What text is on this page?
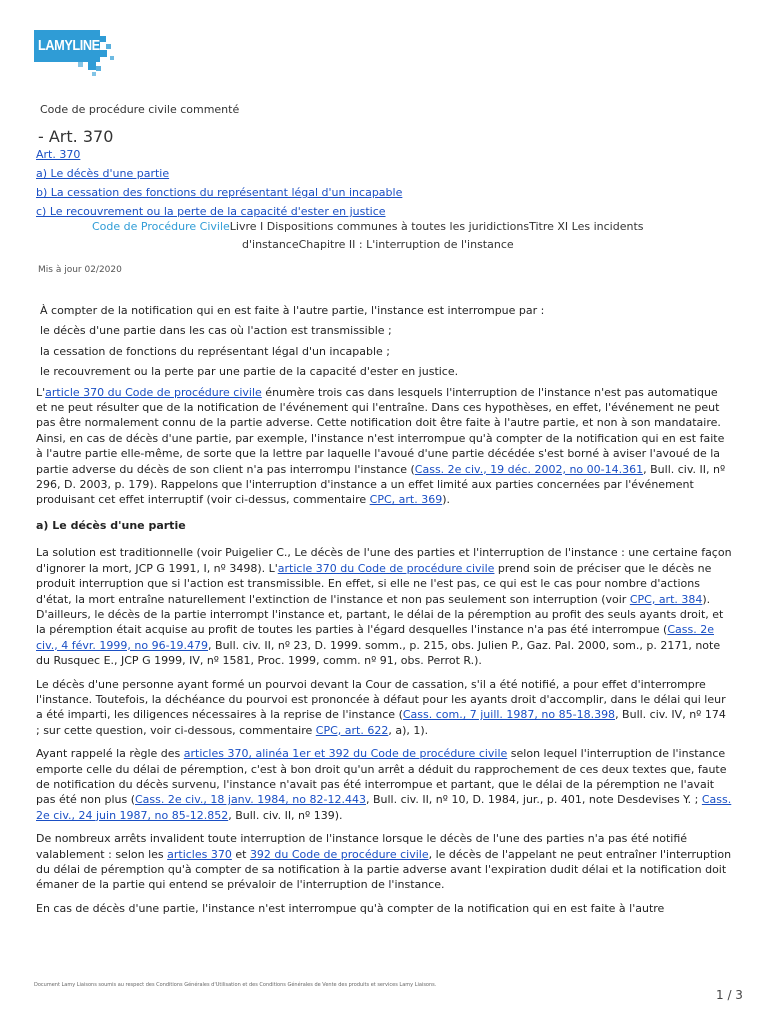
LAMYLINE
Code de procédure civile commenté
- Art. 370
Art. 370
a) Le décès d'une partie
b) La cessation des fonctions du représentant légal d'un incapable
c) Le recouvrement ou la perte de la capacité d'ester en justice
Code de Procédure CivileLivre I Dispositions communes à toutes les juridictionsTitre XI Les incidents
d'instanceChapitre II : L'interruption de l'instance
Mis à jour 02/2020

À compter de la notification qui en est faite à l'autre partie, l'instance est interrompue par :

le décès d'une partie dans les cas où l'action est transmissible ;

la cessation de fonctions du représentant légal d'un incapable ;

le recouvrement ou la perte par une partie de la capacité d'ester en justice.

L'article 370 du Code de procédure civile énumère trois cas dans lesquels l'interruption de l'instance n'est pas automatique et ne peut résulter que de la notification de l'événement qui l'entraîne. Dans ces hypothèses, en effet, l'événement ne peut pas être normalement connu de la partie adverse. Cette notification doit être faite à l'autre partie, et non à son mandataire. Ainsi, en cas de décès d'une partie, par exemple, l'instance n'est interrompue qu'à compter de la notification qui en est faite à l'autre partie elle-même, de sorte que la lettre par laquelle l'avoué d'une partie décédée s'est borné à aviser l'avoué de la partie adverse du décès de son client n'a pas interrompu l'instance (Cass. 2e civ., 19 déc. 2002, no 00-14.361, Bull. civ. II, nº 296, D. 2003, p. 179). Rappelons que l'interruption d'instance a un effet limité aux parties concernées par l'événement produisant cet effet interruptif (voir ci-dessus, commentaire CPC, art. 369).

a) Le décès d'une partie

La solution est traditionnelle (voir Puigelier C., Le décès de l'une des parties et l'interruption de l'instance : une certaine façon d'ignorer la mort, JCP G 1991, I, nº 3498). L'article 370 du Code de procédure civile prend soin de préciser que le décès ne produit interruption que si l'action est transmissible. En effet, si elle ne l'est pas, ce qui est le cas pour nombre d'actions d'état, la mort entraîne naturellement l'extinction de l'instance et non pas seulement son interruption (voir CPC, art. 384). D'ailleurs, le décès de la partie interrompt l'instance et, partant, le délai de la péremption au profit des seuls ayants droit, et la péremption était acquise au profit de toutes les parties à l'égard desquelles l'instance n'a pas été interrompue (Cass. 2e civ., 4 févr. 1999, no 96-19.479, Bull. civ. II, nº 23, D. 1999. somm., p. 215, obs. Julien P., Gaz. Pal. 2000, som., p. 2171, note du Rusquec E., JCP G 1999, IV, nº 1581, Proc. 1999, comm. nº 91, obs. Perrot R.).

Le décès d'une personne ayant formé un pourvoi devant la Cour de cassation, s'il a été notifié, a pour effet d'interrompre l'instance. Toutefois, la déchéance du pourvoi est prononcée à défaut pour les ayants droit d'accomplir, dans le délai qui leur a été imparti, les diligences nécessaires à la reprise de l'instance (Cass. com., 7 juill. 1987, no 85-18.398, Bull. civ. IV, nº 174 ; sur cette question, voir ci-dessous, commentaire CPC, art. 622, a), 1).

Ayant rappelé la règle des articles 370, alinéa 1er et 392 du Code de procédure civile selon lequel l'interruption de l'instance emporte celle du délai de péremption, c'est à bon droit qu'un arrêt a déduit du rapprochement de ces deux textes que, faute de notification du décès survenu, l'instance n'avait pas été interrompue et partant, que le délai de la péremption ne l'avait pas été non plus (Cass. 2e civ., 18 janv. 1984, no 82-12.443, Bull. civ. II, nº 10, D. 1984, jur., p. 401, note Desdevises Y. ; Cass. 2e civ., 24 juin 1987, no 85-12.852, Bull. civ. II, nº 139).

De nombreux arrêts invalident toute interruption de l'instance lorsque le décès de l'une des parties n'a pas été notifié valablement : selon les articles 370 et 392 du Code de procédure civile, le décès de l'appelant ne peut entraîner l'interruption du délai de péremption qu'à compter de sa notification à la partie adverse avant l'expiration dudit délai et la notification doit émaner de la partie qui entend se prévaloir de l'interruption de l'instance.

En cas de décès d'une partie, l'instance n'est interrompue qu'à compter de la notification qui en est faite à l'autre

Document Lamy Liaisons soumis au respect des Conditions Générales d'Utilisation et des Conditions Générales de Vente des produits et services Lamy Liaisons.
1 / 3
